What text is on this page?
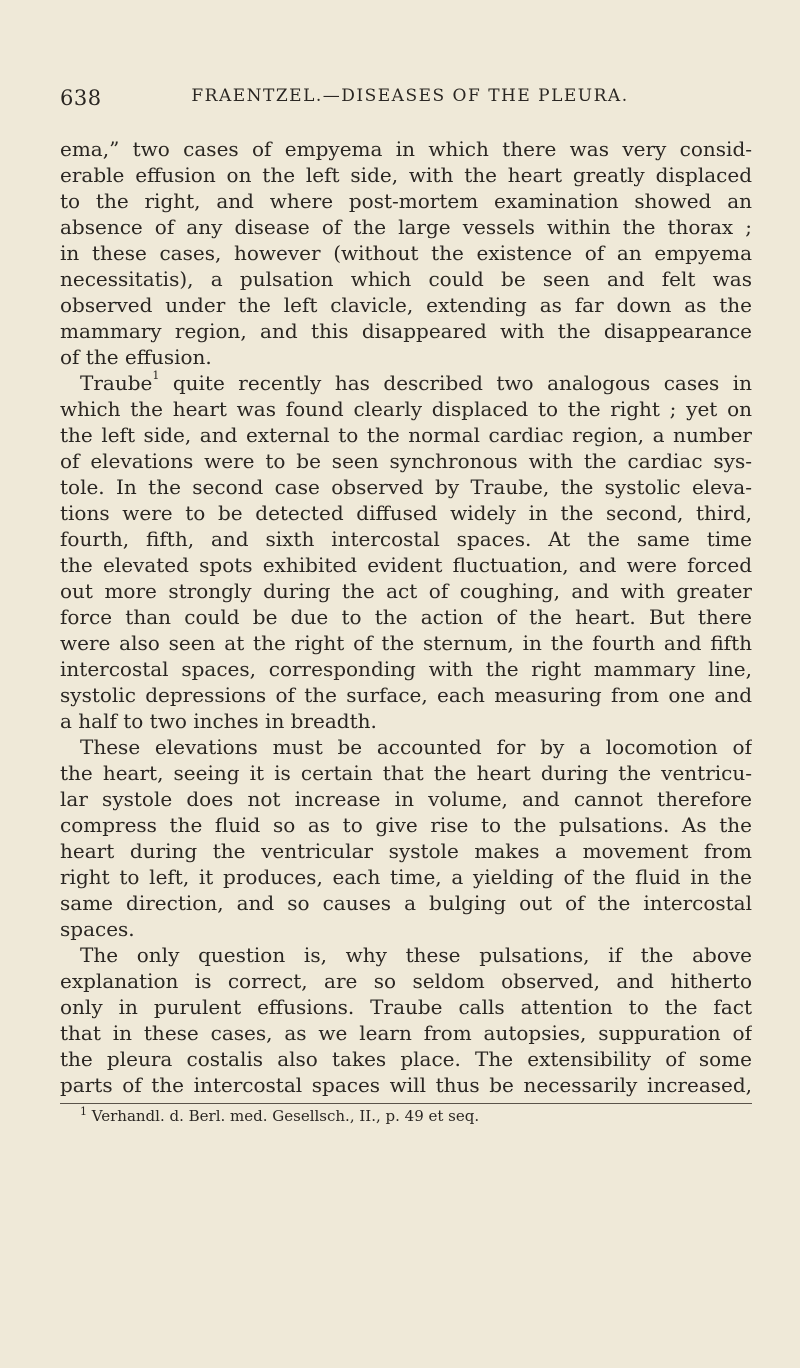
638	FRAENTZEL.—DISEASES OF THE PLEURA.
ema,” two cases of empyema in which there was very consid-
erable effusion on the left side, with the heart greatly displaced
to the right, and where post-mortem examination showed an
absence of any disease of the large vessels within the thorax ;
in these cases, however (without the existence of an empyema
necessitatis), a pulsation which could be seen and felt was
observed under the left clavicle, extending as far down as the
mammary region, and this disappeared with the disappearance
of the effusion.
Traube$^1$ quite recently has described two analogous cases in
which the heart was found clearly displaced to the right ; yet on
the left side, and external to the normal cardiac region, a number
of elevations were to be seen synchronous with the cardiac sys-
tole. In the second case observed by Traube, the systolic eleva-
tions were to be detected diffused widely in the second, third,
fourth, fifth, and sixth intercostal spaces. At the same time
the elevated spots exhibited evident fluctuation, and were forced
out more strongly during the act of coughing, and with greater
force than could be due to the action of the heart. But there
were also seen at the right of the sternum, in the fourth and fifth
intercostal spaces, corresponding with the right mammary line,
systolic depressions of the surface, each measuring from one and
a half to two inches in breadth.
These elevations must be accounted for by a locomotion of
the heart, seeing it is certain that the heart during the ventricu-
lar systole does not increase in volume, and cannot therefore
compress the fluid so as to give rise to the pulsations. As the
heart during the ventricular systole makes a movement from
right to left, it produces, each time, a yielding of the fluid in the
same direction, and so causes a bulging out of the intercostal
spaces.
The only question is, why these pulsations, if the above
explanation is correct, are so seldom observed, and hitherto
only in purulent effusions. Traube calls attention to the fact
that in these cases, as we learn from autopsies, suppuration of
the pleura costalis also takes place. The extensibility of some
parts of the intercostal spaces will thus be necessarily increased,
$^1$ Verhandl. d. Berl. med. Gesellsch., II., p. 49 et seq.
